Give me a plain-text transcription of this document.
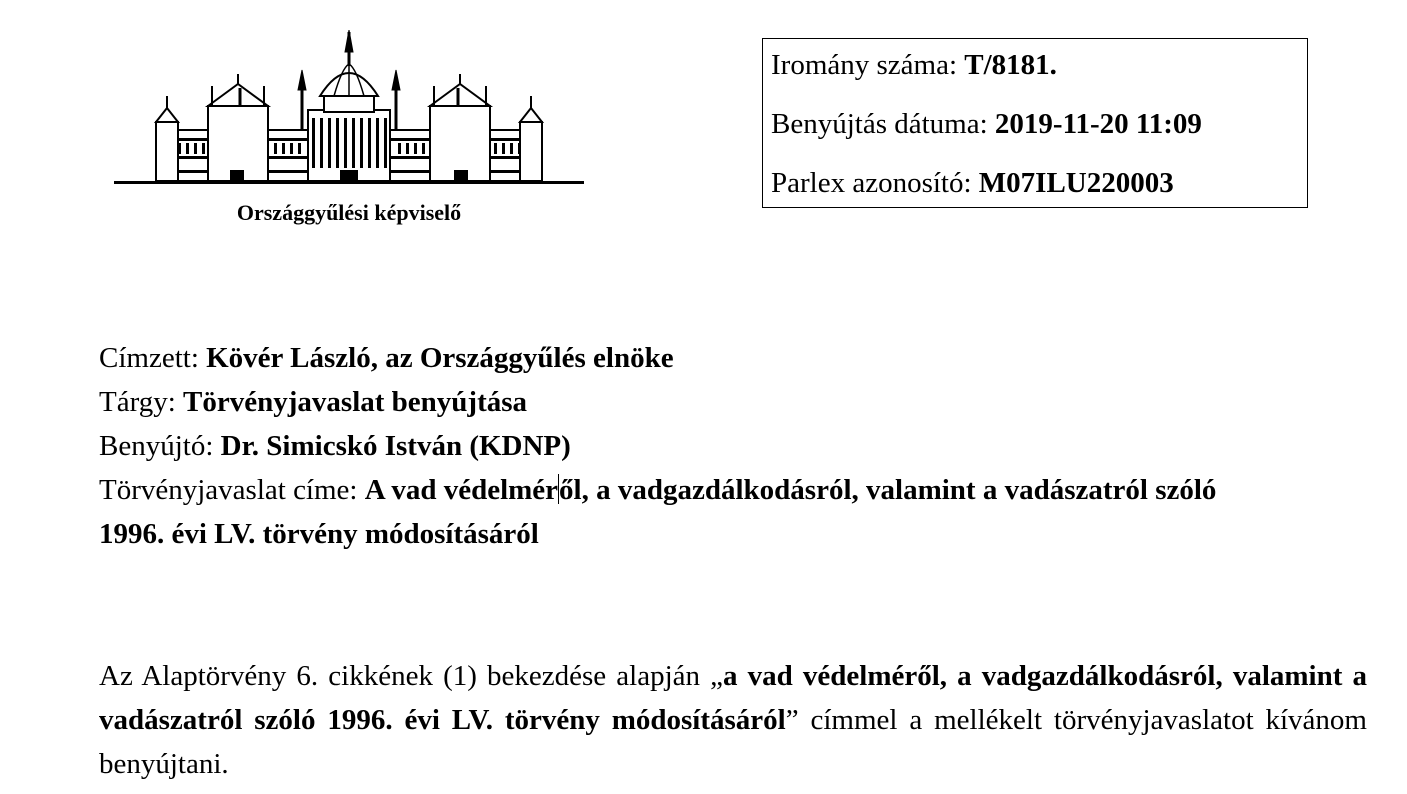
Országgyűlési képviselő
Iromány száma: T/8181.
Benyújtás dátuma: 2019-11-20 11:09
Parlex azonosító: M07ILU220003
Címzett: Kövér László, az Országgyűlés elnöke
Tárgy: Törvényjavaslat benyújtása
Benyújtó: Dr. Simicskó István (KDNP)
Törvényjavaslat címe: A vad védelméről, a vadgazdálkodásról, valamint a vadászatról szóló
1996. évi LV. törvény módosításáról
Az Alaptörvény 6. cikkének (1) bekezdése alapján „a vad védelméről, a vadgazdálkodásról, valamint a vadászatról szóló 1996. évi LV. törvény módosításáról” címmel a mellékelt törvényjavaslatot kívánom benyújtani.
